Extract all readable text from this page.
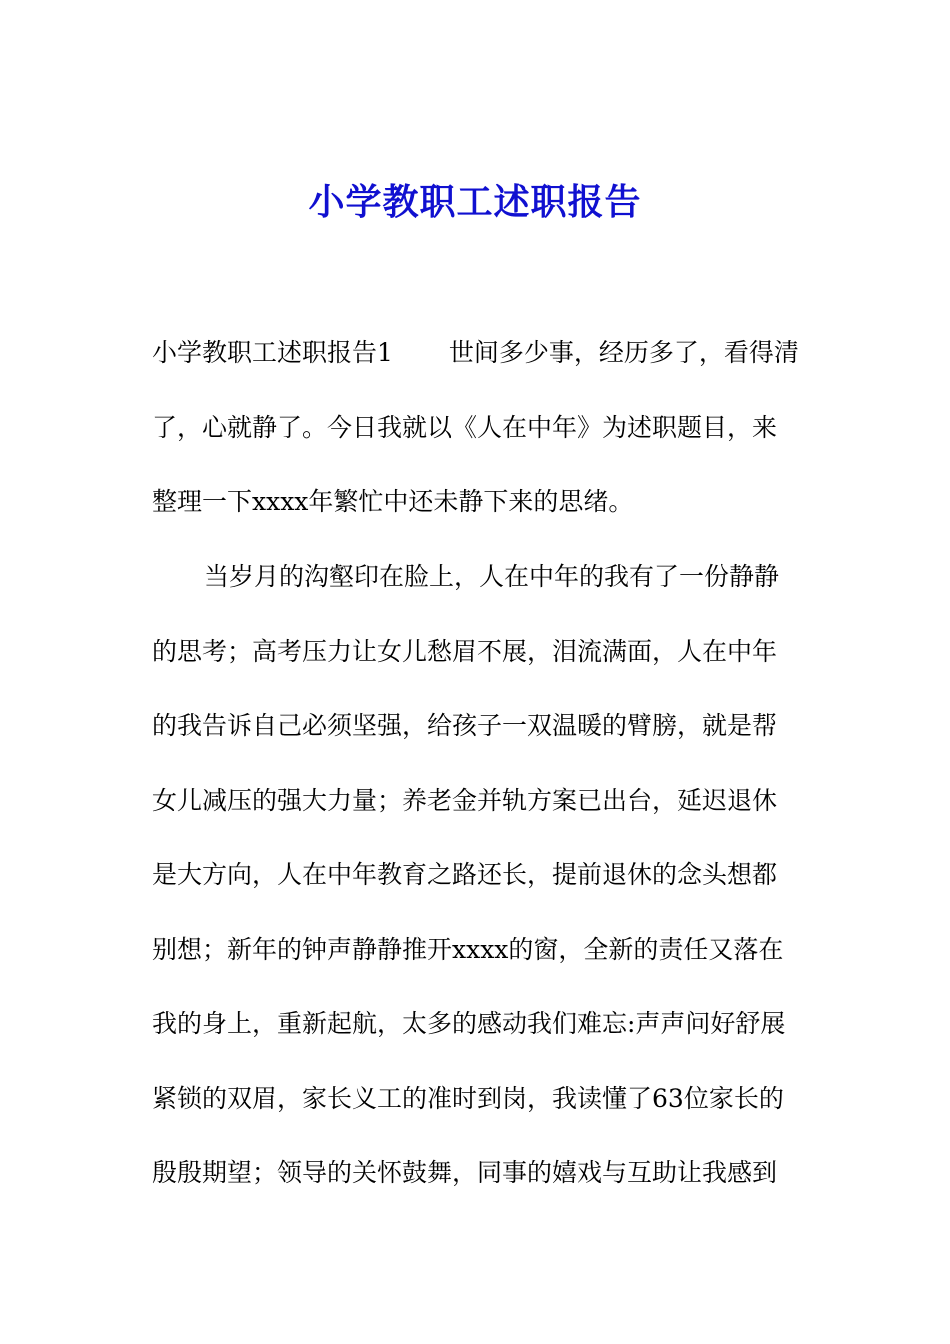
小学教职工述职报告
小学教职工述职报告1 世间多少事，经历多了，看得清
了，心就静了。今日我就以《人在中年》为述职题目，来
整理一下xxxx年繁忙中还未静下来的思绪。
当岁月的沟壑印在脸上，人在中年的我有了一份静静
的思考；高考压力让女儿愁眉不展，泪流满面，人在中年
的我告诉自己必须坚强，给孩子一双温暖的臂膀，就是帮
女儿减压的强大力量；养老金并轨方案已出台，延迟退休
是大方向，人在中年教育之路还长，提前退休的念头想都
别想；新年的钟声静静推开xxxx的窗，全新的责任又落在
我的身上，重新起航，太多的感动我们难忘:声声问好舒展
紧锁的双眉，家长义工的准时到岗，我读懂了63位家长的
殷殷期望；领导的关怀鼓舞，同事的嬉戏与互助让我感到
